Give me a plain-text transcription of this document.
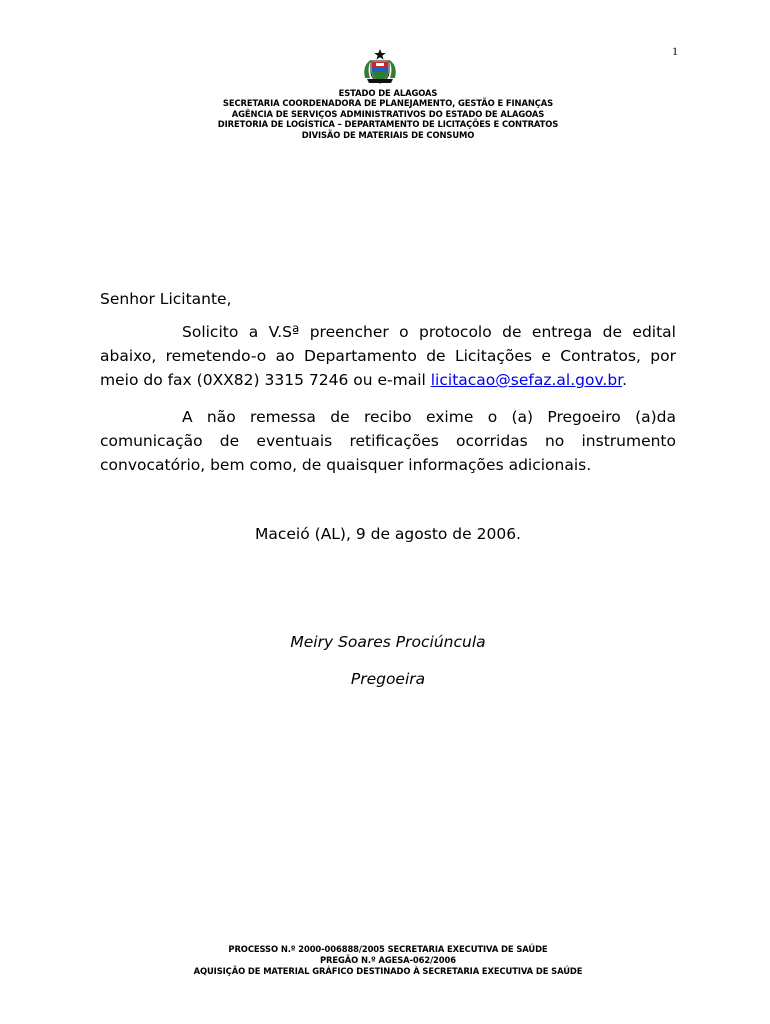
1
ESTADO DE ALAGOAS
SECRETARIA COORDENADORA DE PLANEJAMENTO, GESTÃO E FINANÇAS
AGÊNCIA DE SERVIÇOS ADMINISTRATIVOS DO ESTADO DE ALAGOAS
DIRETORIA DE LOGÍSTICA – DEPARTAMENTO DE LICITAÇÕES E CONTRATOS
DIVISÃO DE MATERIAIS DE CONSUMO
Senhor Licitante,
Solicito a V.Sª preencher o protocolo de entrega de edital abaixo, remetendo-o ao Departamento de Licitações e Contratos, por meio do fax (0XX82) 3315 7246 ou e-mail licitacao@sefaz.al.gov.br.
A não remessa de recibo exime o (a) Pregoeiro (a)da comunicação de eventuais retificações ocorridas no instrumento convocatório, bem como, de quaisquer informações adicionais.
Maceió (AL), 9 de agosto de 2006.
Meiry Soares Prociúncula
Pregoeira
PROCESSO N.º 2000-006888/2005 SECRETARIA EXECUTIVA DE SAÚDE
PREGÃO N.º AGESA-062/2006
AQUISIÇÃO DE MATERIAL GRÁFICO DESTINADO À SECRETARIA EXECUTIVA DE SAÚDE
